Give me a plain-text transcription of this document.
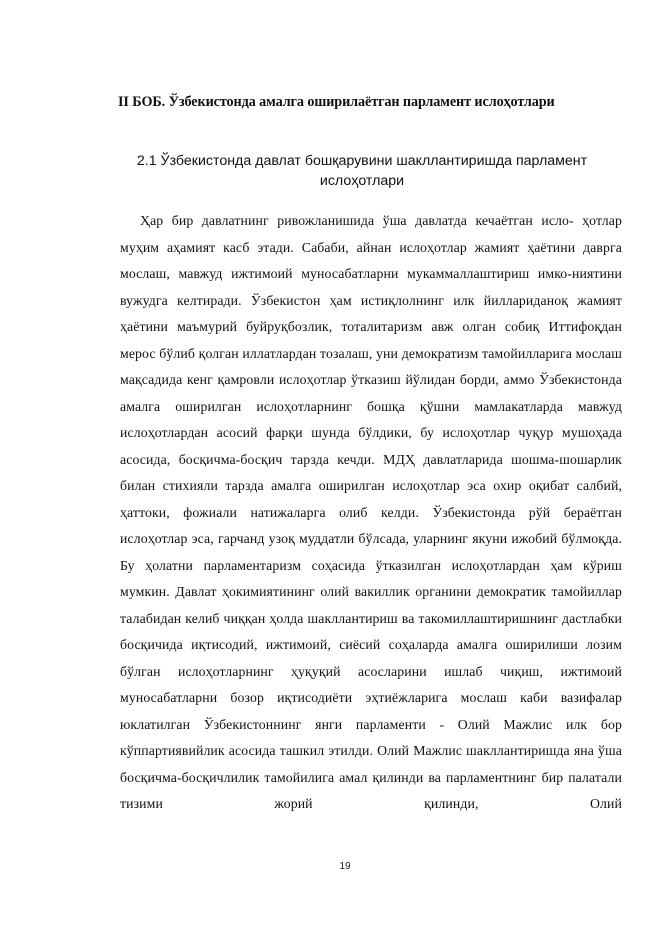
II БОБ. Ўзбекистонда амалга оширилаётган парламент ислоҳотлари
2.1 Ўзбекистонда давлат бошқарувини шакллантиришда парламент ислоҳотлари
Ҳар бир давлатнинг ривожланишида ўша давлатда кечаётган исло- ҳотлар муҳим аҳамият касб этади. Сабаби, айнан ислоҳотлар жамият ҳаётини даврга мослаш, мавжуд ижтимоий муносабатларни мукаммаллаштириш имко-ниятини вужудга келтиради. Ўзбекистон ҳам истиқлолнинг илк йиллариданоқ жамият ҳаётини маъмурий буйруқбозлик, тоталитаризм авж олган собиқ Иттифоқдан мерос бўлиб қолган иллатлардан тозалаш, уни демократизм тамойилларига мослаш мақсадида кенг қамровли ислоҳотлар ўтказиш йўлидан борди, аммо Ўзбекистонда амалга оширилган ислоҳотларнинг бошқа қўшни мамлакатларда мавжуд ислоҳотлардан асосий фарқи шунда бўлдики, бу ислоҳотлар чуқур мушоҳада асосида, босқичма-босқич тарзда кечди. МДҲ давлатларида шошма-шошарлик билан стихияли тарзда амалга оширилган ислоҳотлар эса охир оқибат салбий, ҳаттоки, фожиали натижаларга олиб келди. Ўзбекистонда рўй бераётган ислоҳотлар эса, гарчанд узоқ муддатли бўлсада, уларнинг якуни ижобий бўлмоқда. Бу ҳолатни парламентаризм соҳасида ўтказилган ислоҳотлардан ҳам кўриш мумкин. Давлат ҳокимиятининг олий вакиллик органини демократик тамойиллар талабидан келиб чиққан ҳолда шакллантириш ва такомиллаштиришнинг дастлабки босқичида иқтисодий, ижтимоий, сиёсий соҳаларда амалга оширилиши лозим бўлган ислоҳотларнинг ҳуқуқий асосларини ишлаб чиқиш, ижтимоий муносабатларни бозор иқтисодиёти эҳтиёжларига мослаш каби вазифалар юклатилган Ўзбекистоннинг янги парламенти - Олий Мажлис илк бор кўппартиявийлик асосида ташкил этилди. Олий Мажлис шакллантиришда яна ўша босқичма-босқичлилик тамойилига амал қилинди ва парламентнинг бир палатали тизими жорий қилинди, Олий
19
